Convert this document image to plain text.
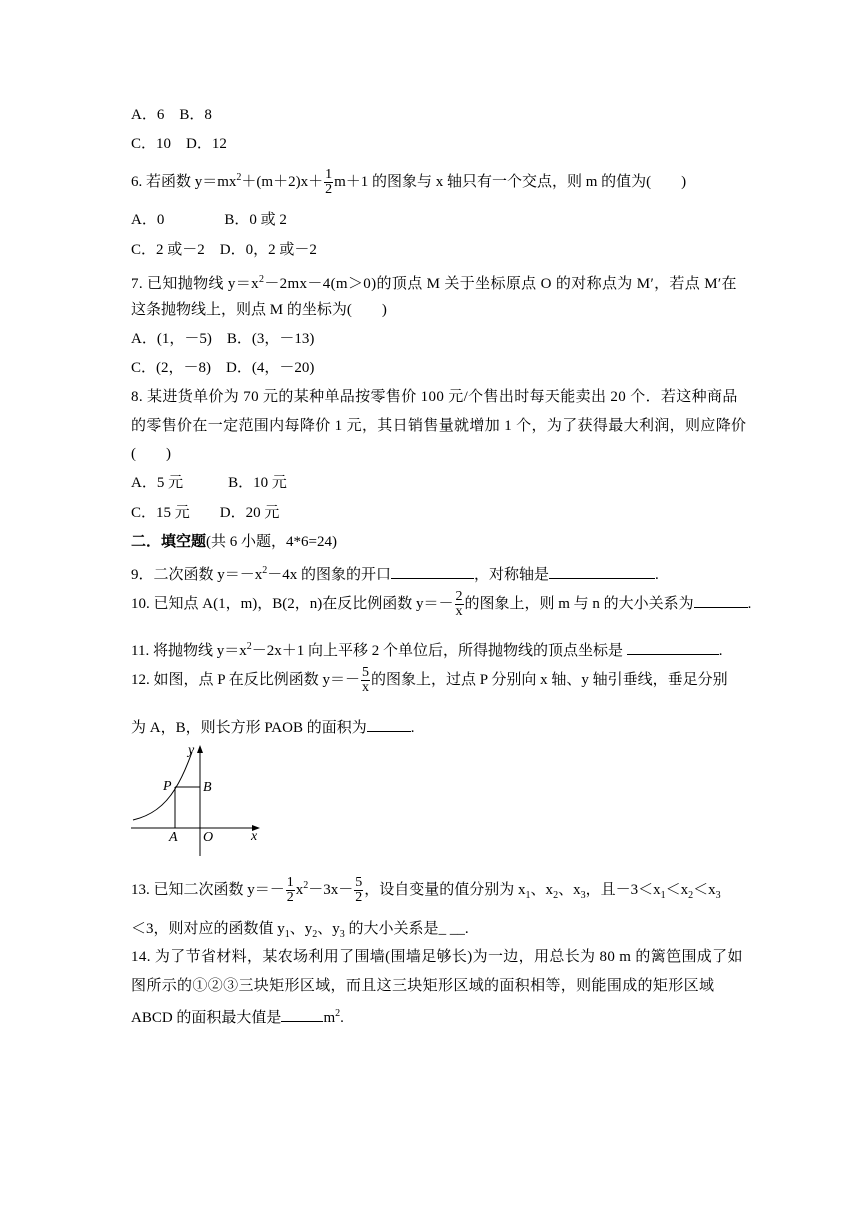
A．6　B．8
C．10　D．12
6. 若函数 $y=mx^2+(m+2)x+ \frac{1}{2} m+1$ 的图象与 x 轴只有一个交点，则 m 的值为(　　)
A．0　　　　B．0 或 2
C．2 或－2　D．0，2 或－2
7. 已知抛物线 $y=x^2-2mx-4(m>0)$的顶点 M 关于坐标原点 O 的对称点为 M′，若点 M′在
这条抛物线上，则点 M 的坐标为(　　)
A．(1，－5)　B．(3，－13)
C．(2，－8)　D．(4，－20)
8. 某进货单价为 70 元的某种单品按零售价 100 元/个售出时每天能卖出 20 个．若这种商品
的零售价在一定范围内每降价 1 元，其日销售量就增加 1 个，为了获得最大利润，则应降价
(　　)
A．5 元　　　B．10 元
C．15 元　　D．20 元
二．填空题(共 6 小题，4*6=24)
9．二次函数 $y=-x^2-4x$ 的图象的开口	，对称轴是	.
10. 已知点 A(1，m)，B(2，n)在反比例函数 $y=- \frac{2}{x}$ 的图象上，则 m 与 n 的大小关系为	.
11. 将抛物线 $y=x^2-2x+1$ 向上平移 2 个单位后，所得抛物线的顶点坐标是	.
12. 如图，点 P 在反比例函数 $y=- \frac{5}{x}$ 的图象上，过点 P 分别向 x 轴、y 轴引垂线，垂足分别
为 A，B，则长方形 PAOB 的面积为	.
y
x
P B
A O
13. 已知二次函数 $y=- \frac{1}{2} x^2-3x- \frac{5}{2}$ ，设自变量的值分别为 $x_1$、$x_2$、$x_3$，且$-3<x_1<x_2<x_3$
＜3，则对应的函数值 $y_1$、$y_2$、$y_3$ 的大小关系是_ __.
14. 为了节省材料，某农场利用了围墙(围墙足够长)为一边，用总长为 80 m 的篱笆围成了如
图所示的①②③三块矩形区域，而且这三块矩形区域的面积相等，则能围成的矩形区域
ABCD 的面积最大值是	$m^2$.
